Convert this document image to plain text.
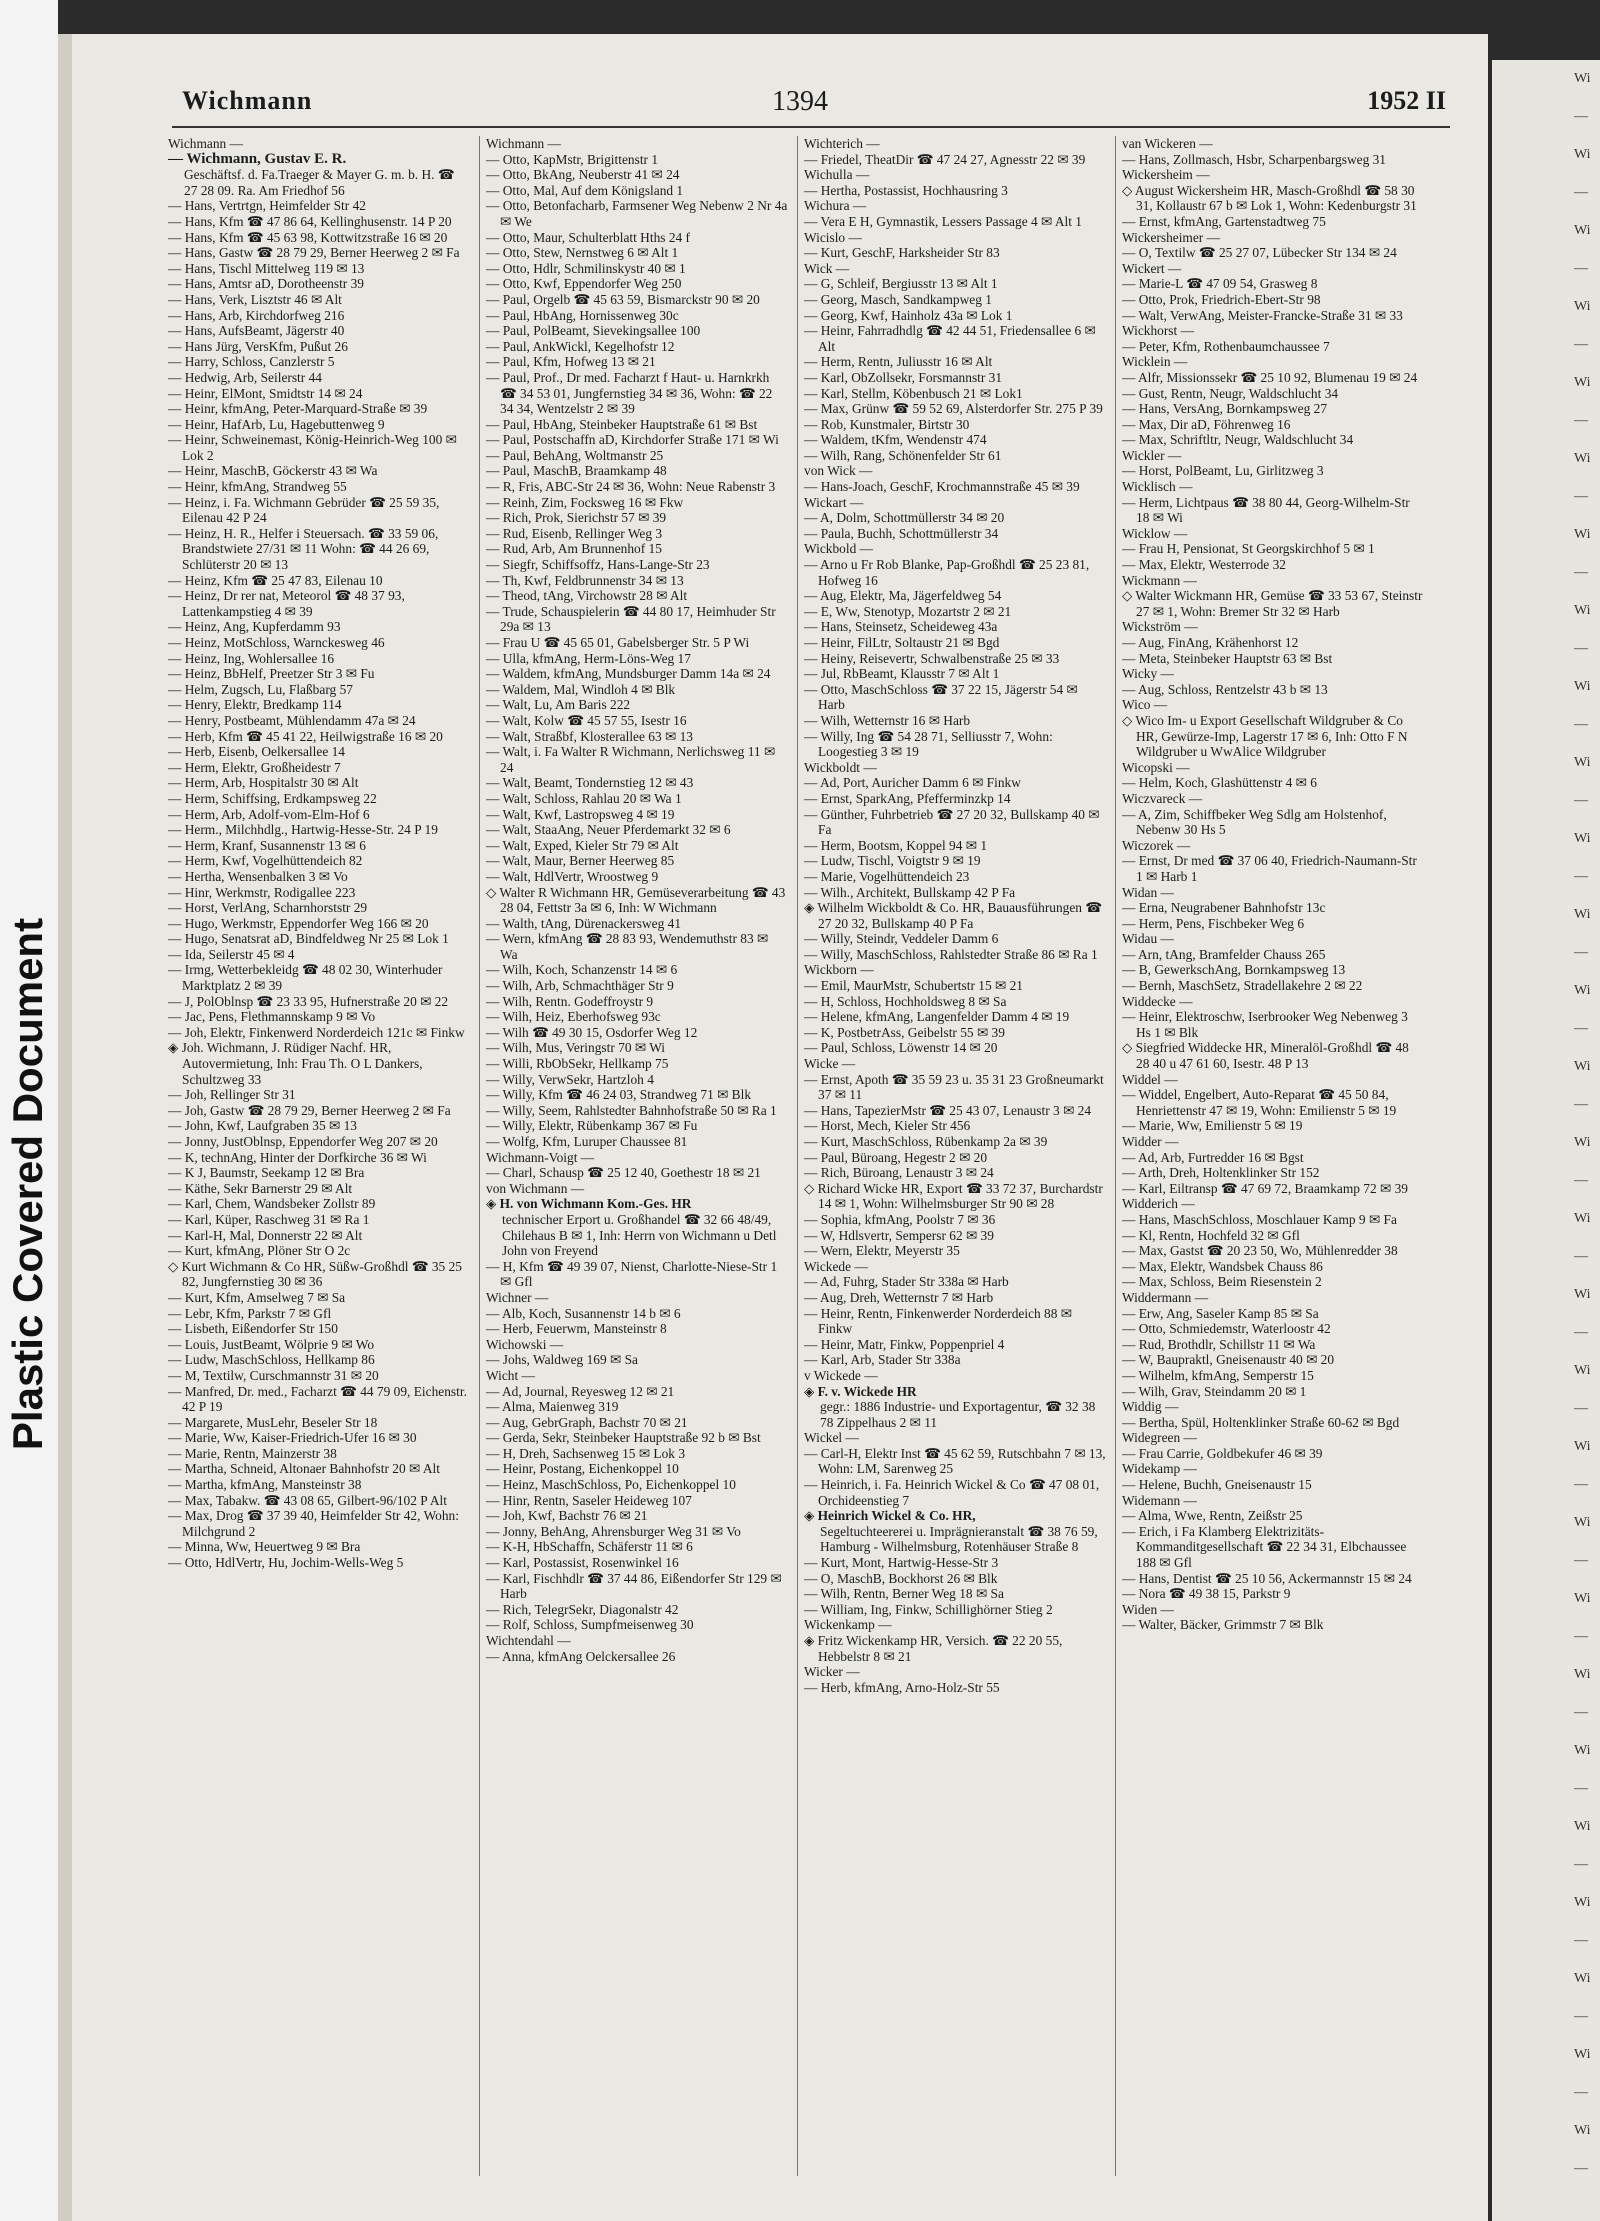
Plastic Covered Document
Wichmann	1394	1952 II

Wichmann —

— Wichmann, Gustav E. R.

Geschäftsf. d. Fa.Traeger & Mayer G. m. b. H. ☎ 27 28 09. Ra. Am Friedhof 56

— Hans, Vertrtgn, Heimfelder Str 42

— Hans, Kfm ☎ 47 86 64, Kellinghusenstr. 14 P 20

— Hans, Kfm ☎ 45 63 98, Kottwitzstraße 16 ✉ 20

— Hans, Gastw ☎ 28 79 29, Berner Heerweg 2 ✉ Fa

— Hans, Tischl Mittelweg 119 ✉ 13

— Hans, Amtsr aD, Dorotheenstr 39

— Hans, Verk, Lisztstr 46 ✉ Alt

— Hans, Arb, Kirchdorfweg 216

— Hans, AufsBeamt, Jägerstr 40

— Hans Jürg, VersKfm, Pußut 26

— Harry, Schloss, Canzlerstr 5

— Hedwig, Arb, Seilerstr 44

— Heinr, ElMont, Smidtstr 14 ✉ 24

— Heinr, kfmAng, Peter-Marquard-Straße ✉ 39

— Heinr, HafArb, Lu, Hagebuttenweg 9

— Heinr, Schweinemast, König-Heinrich-Weg 100 ✉ Lok 2

— Heinr, MaschB, Göckerstr 43 ✉ Wa

— Heinr, kfmAng, Strandweg 55

— Heinz, i. Fa. Wichmann Gebrüder ☎ 25 59 35, Eilenau 42 P 24

— Heinz, H. R., Helfer i Steuersach. ☎ 33 59 06, Brandstwiete 27/31 ✉ 11 Wohn: ☎ 44 26 69, Schlüterstr 20 ✉ 13

— Heinz, Kfm ☎ 25 47 83, Eilenau 10

— Heinz, Dr rer nat, Meteorol ☎ 48 37 93, Lattenkampstieg 4 ✉ 39

— Heinz, Ang, Kupferdamm 93

— Heinz, MotSchloss, Warnckesweg 46

— Heinz, Ing, Wohlersallee 16

— Heinz, BbHelf, Preetzer Str 3 ✉ Fu

— Helm, Zugsch, Lu, Flaßbarg 57

— Henry, Elektr, Bredkamp 114

— Henry, Postbeamt, Mühlendamm 47a ✉ 24

— Herb, Kfm ☎ 45 41 22, Heilwigstraße 16 ✉ 20

— Herb, Eisenb, Oelkersallee 14

— Herm, Elektr, Großheidestr 7

— Herm, Arb, Hospitalstr 30 ✉ Alt

— Herm, Schiffsing, Erdkampsweg 22

— Herm, Arb, Adolf-vom-Elm-Hof 6

— Herm., Milchhdlg., Hartwig-Hesse-Str. 24 P 19

— Herm, Kranf, Susannenstr 13 ✉ 6

— Herm, Kwf, Vogelhüttendeich 82

— Hertha, Wensenbalken 3 ✉ Vo

— Hinr, Werkmstr, Rodigallee 223

— Horst, VerlAng, Scharnhorststr 29

— Hugo, Werkmstr, Eppendorfer Weg 166 ✉ 20

— Hugo, Senatsrat aD, Bindfeldweg Nr 25 ✉ Lok 1

— Ida, Seilerstr 45 ✉ 4

— Irmg, Wetterbekleidg ☎ 48 02 30, Winterhuder Marktplatz 2 ✉ 39

— J, PolOblnsp ☎ 23 33 95, Hufnerstraße 20 ✉ 22

— Jac, Pens, Flethmannskamp 9 ✉ Vo

— Joh, Elektr, Finkenwerd Norderdeich 121c ✉ Finkw

◈ Joh. Wichmann, J. Rüdiger Nachf. HR, Autovermietung, Inh: Frau Th. O L Dankers, Schultzweg 33

— Joh, Rellinger Str 31

— Joh, Gastw ☎ 28 79 29, Berner Heerweg 2 ✉ Fa

— John, Kwf, Laufgraben 35 ✉ 13

— Jonny, JustOblnsp, Eppendorfer Weg 207 ✉ 20

— K, technAng, Hinter der Dorfkirche 36 ✉ Wi

— K J, Baumstr, Seekamp 12 ✉ Bra

— Käthe, Sekr Barnerstr 29 ✉ Alt

— Karl, Chem, Wandsbeker Zollstr 89

— Karl, Küper, Raschweg 31 ✉ Ra 1

— Karl-H, Mal, Donnerstr 22 ✉ Alt

— Kurt, kfmAng, Plöner Str O 2c

◇ Kurt Wichmann & Co HR, Süßw-Großhdl ☎ 35 25 82, Jungfernstieg 30 ✉ 36

— Kurt, Kfm, Amselweg 7 ✉ Sa

— Lebr, Kfm, Parkstr 7 ✉ Gfl

— Lisbeth, Eißendorfer Str 150

— Louis, JustBeamt, Wölprie 9 ✉ Wo

— Ludw, MaschSchloss, Hellkamp 86

— M, Textilw, Curschmannstr 31 ✉ 20

— Manfred, Dr. med., Facharzt ☎ 44 79 09, Eichenstr. 42 P 19

— Margarete, MusLehr, Beseler Str 18

— Marie, Ww, Kaiser-Friedrich-Ufer 16 ✉ 30

— Marie, Rentn, Mainzerstr 38

— Martha, Schneid, Altonaer Bahnhofstr 20 ✉ Alt

— Martha, kfmAng, Mansteinstr 38

— Max, Tabakw. ☎ 43 08 65, Gilbert-96/102 P Alt

— Max, Drog ☎ 37 39 40, Heimfelder Str 42, Wohn: Milchgrund 2

— Minna, Ww, Heuertweg 9 ✉ Bra

— Otto, HdlVertr, Hu, Jochim-Wells-Weg 5

Wichmann —

— Otto, KapMstr, Brigittenstr 1

— Otto, BkAng, Neuberstr 41 ✉ 24

— Otto, Mal, Auf dem Königsland 1

— Otto, Betonfacharb, Farmsener Weg Nebenw 2 Nr 4a ✉ We

— Otto, Maur, Schulterblatt Hths 24 f

— Otto, Stew, Nernstweg 6 ✉ Alt 1

— Otto, Hdlr, Schmilinskystr 40 ✉ 1

— Otto, Kwf, Eppendorfer Weg 250

— Paul, Orgelb ☎ 45 63 59, Bismarckstr 90 ✉ 20

— Paul, HbAng, Hornissenweg 30c

— Paul, PolBeamt, Sievekingsallee 100

— Paul, AnkWickl, Kegelhofstr 12

— Paul, Kfm, Hofweg 13 ✉ 21

— Paul, Prof., Dr med. Facharzt f Haut- u. Harnkrkh ☎ 34 53 01, Jungfernstieg 34 ✉ 36, Wohn: ☎ 22 34 34, Wentzelstr 2 ✉ 39

— Paul, HbAng, Steinbeker Hauptstraße 61 ✉ Bst

— Paul, Postschaffn aD, Kirchdorfer Straße 171 ✉ Wi

— Paul, BehAng, Woltmanstr 25

— Paul, MaschB, Braamkamp 48

— R, Fris, ABC-Str 24 ✉ 36, Wohn: Neue Rabenstr 3

— Reinh, Zim, Focksweg 16 ✉ Fkw

— Rich, Prok, Sierichstr 57 ✉ 39

— Rud, Eisenb, Rellinger Weg 3

— Rud, Arb, Am Brunnenhof 15

— Siegfr, Schiffsoffz, Hans-Lange-Str 23

— Th, Kwf, Feldbrunnenstr 34 ✉ 13

— Theod, tAng, Virchowstr 28 ✉ Alt

— Trude, Schauspielerin ☎ 44 80 17, Heimhuder Str 29a ✉ 13

— Frau U ☎ 45 65 01, Gabelsberger Str. 5 P Wi

— Ulla, kfmAng, Herm-Löns-Weg 17

— Waldem, kfmAng, Mundsburger Damm 14a ✉ 24

— Waldem, Mal, Windloh 4 ✉ Blk

— Walt, Lu, Am Baris 222

— Walt, Kolw ☎ 45 57 55, Isestr 16

— Walt, Straßbf, Klosterallee 63 ✉ 13

— Walt, i. Fa Walter R Wichmann, Nerlichsweg 11 ✉ 24

— Walt, Beamt, Tondernstieg 12 ✉ 43

— Walt, Schloss, Rahlau 20 ✉ Wa 1

— Walt, Kwf, Lastropsweg 4 ✉ 19

— Walt, StaaAng, Neuer Pferdemarkt 32 ✉ 6

— Walt, Exped, Kieler Str 79 ✉ Alt

— Walt, Maur, Berner Heerweg 85

— Walt, HdlVertr, Wroostweg 9

◇ Walter R Wichmann HR, Gemüseverarbeitung ☎ 43 28 04, Fettstr 3a ✉ 6, Inh: W Wichmann

— Walth, tAng, Dürenackersweg 41

— Wern, kfmAng ☎ 28 83 93, Wendemuthstr 83 ✉ Wa

— Wilh, Koch, Schanzenstr 14 ✉ 6

— Wilh, Arb, Schmachthäger Str 9

— Wilh, Rentn. Godeffroystr 9

— Wilh, Heiz, Eberhofsweg 93c

— Wilh ☎ 49 30 15, Osdorfer Weg 12

— Wilh, Mus, Veringstr 70 ✉ Wi

— Willi, RbObSekr, Hellkamp 75

— Willy, VerwSekr, Hartzloh 4

— Willy, Kfm ☎ 46 24 03, Strandweg 71 ✉ Blk

— Willy, Seem, Rahlstedter Bahnhofstraße 50 ✉ Ra 1

— Willy, Elektr, Rübenkamp 367 ✉ Fu

— Wolfg, Kfm, Luruper Chaussee 81

Wichmann-Voigt —

— Charl, Schausp ☎ 25 12 40, Goethestr 18 ✉ 21

von Wichmann —

◈ H. von Wichmann Kom.-Ges. HR

technischer Erport u. Großhandel ☎ 32 66 48/49, Chilehaus B ✉ 1, Inh: Herrn von Wichmann u Detl John von Freyend

— H, Kfm ☎ 49 39 07, Nienst, Charlotte-Niese-Str 1 ✉ Gfl

Wichner —

— Alb, Koch, Susannenstr 14 b ✉ 6

— Herb, Feuerwm, Mansteinstr 8

Wichowski —

— Johs, Waldweg 169 ✉ Sa

Wicht —

— Ad, Journal, Reyesweg 12 ✉ 21

— Alma, Maienweg 319

— Aug, GebrGraph, Bachstr 70 ✉ 21

— Gerda, Sekr, Steinbeker Hauptstraße 92 b ✉ Bst

— H, Dreh, Sachsenweg 15 ✉ Lok 3

— Heinr, Postang, Eichenkoppel 10

— Heinz, MaschSchloss, Po, Eichenkoppel 10

— Hinr, Rentn, Saseler Heideweg 107

— Joh, Kwf, Bachstr 76 ✉ 21

— Jonny, BehAng, Ahrensburger Weg 31 ✉ Vo

— K-H, HbSchaffn, Schäferstr 11 ✉ 6

— Karl, Postassist, Rosenwinkel 16

— Karl, Fischhdlr ☎ 37 44 86, Eißendorfer Str 129 ✉ Harb

— Rich, TelegrSekr, Diagonalstr 42

— Rolf, Schloss, Sumpfmeisenweg 30

Wichtendahl —

— Anna, kfmAng Oelckersallee 26

Wichterich —

— Friedel, TheatDir ☎ 47 24 27, Agnesstr 22 ✉ 39

Wichulla —

— Hertha, Postassist, Hochhausring 3

Wichura —

— Vera E H, Gymnastik, Lessers Passage 4 ✉ Alt 1

Wicislo —

— Kurt, GeschF, Harksheider Str 83

Wick —

— G, Schleif, Bergiusstr 13 ✉ Alt 1

— Georg, Masch, Sandkampweg 1

— Georg, Kwf, Hainholz 43a ✉ Lok 1

— Heinr, Fahrradhdlg ☎ 42 44 51, Friedensallee 6 ✉ Alt

— Herm, Rentn, Juliusstr 16 ✉ Alt

— Karl, ObZollsekr, Forsmannstr 31

— Karl, Stellm, Köbenbusch 21 ✉ Lok1

— Max, Grünw ☎ 59 52 69, Alsterdorfer Str. 275 P 39

— Rob, Kunstmaler, Birtstr 30

— Waldem, tKfm, Wendenstr 474

— Wilh, Rang, Schönenfelder Str 61

von Wick —

— Hans-Joach, GeschF, Krochmannstraße 45 ✉ 39

Wickart —

— A, Dolm, Schottmüllerstr 34 ✉ 20

— Paula, Buchh, Schottmüllerstr 34

Wickbold —

— Arno u Fr Rob Blanke, Pap-Großhdl ☎ 25 23 81, Hofweg 16

— Aug, Elektr, Ma, Jägerfeldweg 54

— E, Ww, Stenotyp, Mozartstr 2 ✉ 21

— Hans, Steinsetz, Scheideweg 43a

— Heinr, FilLtr, Soltaustr 21 ✉ Bgd

— Heiny, Reisevertr, Schwalbenstraße 25 ✉ 33

— Jul, RbBeamt, Klausstr 7 ✉ Alt 1

— Otto, MaschSchloss ☎ 37 22 15, Jägerstr 54 ✉ Harb

— Wilh, Wetternstr 16 ✉ Harb

— Willy, Ing ☎ 54 28 71, Selliusstr 7, Wohn: Loogestieg 3 ✉ 19

Wickboldt —

— Ad, Port, Auricher Damm 6 ✉ Finkw

— Ernst, SparkAng, Pfefferminzkp 14

— Günther, Fuhrbetrieb ☎ 27 20 32, Bullskamp 40 ✉ Fa

— Herm, Bootsm, Koppel 94 ✉ 1

— Ludw, Tischl, Voigtstr 9 ✉ 19

— Marie, Vogelhüttendeich 23

— Wilh., Architekt, Bullskamp 42 P Fa

◈ Wilhelm Wickboldt & Co. HR, Bauausführungen ☎ 27 20 32, Bullskamp 40 P Fa

— Willy, Steindr, Veddeler Damm 6

— Willy, MaschSchloss, Rahlstedter Straße 86 ✉ Ra 1

Wickborn —

— Emil, MaurMstr, Schubertstr 15 ✉ 21

— H, Schloss, Hochholdsweg 8 ✉ Sa

— Helene, kfmAng, Langenfelder Damm 4 ✉ 19

— K, PostbetrAss, Geibelstr 55 ✉ 39

— Paul, Schloss, Löwenstr 14 ✉ 20

Wicke —

— Ernst, Apoth ☎ 35 59 23 u. 35 31 23 Großneumarkt 37 ✉ 11

— Hans, TapezierMstr ☎ 25 43 07, Lenaustr 3 ✉ 24

— Horst, Mech, Kieler Str 456

— Kurt, MaschSchloss, Rübenkamp 2a ✉ 39

— Paul, Büroang, Hegestr 2 ✉ 20

— Rich, Büroang, Lenaustr 3 ✉ 24

◇ Richard Wicke HR, Export ☎ 33 72 37, Burchardstr 14 ✉ 1, Wohn: Wilhelmsburger Str 90 ✉ 28

— Sophia, kfmAng, Poolstr 7 ✉ 36

— W, Hdlsvertr, Sempersr 62 ✉ 39

— Wern, Elektr, Meyerstr 35

Wickede —

— Ad, Fuhrg, Stader Str 338a ✉ Harb

— Aug, Dreh, Wetternstr 7 ✉ Harb

— Heinr, Rentn, Finkenwerder Norderdeich 88 ✉ Finkw

— Heinr, Matr, Finkw, Poppenpriel 4

— Karl, Arb, Stader Str 338a

v Wickede —

◈ F. v. Wickede HR

gegr.: 1886 Industrie- und Exportagentur, ☎ 32 38 78 Zippelhaus 2 ✉ 11

Wickel —

— Carl-H, Elektr Inst ☎ 45 62 59, Rutschbahn 7 ✉ 13, Wohn: LM, Sarenweg 25

— Heinrich, i. Fa. Heinrich Wickel & Co ☎ 47 08 01, Orchideenstieg 7

◈ Heinrich Wickel & Co. HR,

Segeltuchteererei u. Imprägnieranstalt ☎ 38 76 59, Hamburg - Wilhelmsburg, Rotenhäuser Straße 8

— Kurt, Mont, Hartwig-Hesse-Str 3

— O, MaschB, Bockhorst 26 ✉ Blk

— Wilh, Rentn, Berner Weg 18 ✉ Sa

— William, Ing, Finkw, Schillighörner Stieg 2

Wickenkamp —

◈ Fritz Wickenkamp HR, Versich. ☎ 22 20 55, Hebbelstr 8 ✉ 21

Wicker —

— Herb, kfmAng, Arno-Holz-Str 55

van Wickeren —

— Hans, Zollmasch, Hsbr, Scharpenbargsweg 31

Wickersheim —

◇ August Wickersheim HR, Masch-Großhdl ☎ 58 30 31, Kollaustr 67 b ✉ Lok 1, Wohn: Kedenburgstr 31

— Ernst, kfmAng, Gartenstadtweg 75

Wickersheimer —

— O, Textilw ☎ 25 27 07, Lübecker Str 134 ✉ 24

Wickert —

— Marie-L ☎ 47 09 54, Grasweg 8

— Otto, Prok, Friedrich-Ebert-Str 98

— Walt, VerwAng, Meister-Francke-Straße 31 ✉ 33

Wickhorst —

— Peter, Kfm, Rothenbaumchaussee 7

Wicklein —

— Alfr, Missionssekr ☎ 25 10 92, Blumenau 19 ✉ 24

— Gust, Rentn, Neugr, Waldschlucht 34

— Hans, VersAng, Bornkampsweg 27

— Max, Dir aD, Föhrenweg 16

— Max, Schriftltr, Neugr, Waldschlucht 34

Wickler —

— Horst, PolBeamt, Lu, Girlitzweg 3

Wicklisch —

— Herm, Lichtpaus ☎ 38 80 44, Georg-Wilhelm-Str 18 ✉ Wi

Wicklow —

— Frau H, Pensionat, St Georgskirchhof 5 ✉ 1

— Max, Elektr, Westerrode 32

Wickmann —

◇ Walter Wickmann HR, Gemüse ☎ 33 53 67, Steinstr 27 ✉ 1, Wohn: Bremer Str 32 ✉ Harb

Wickström —

— Aug, FinAng, Krähenhorst 12

— Meta, Steinbeker Hauptstr 63 ✉ Bst

Wicky —

— Aug, Schloss, Rentzelstr 43 b ✉ 13

Wico —

◇ Wico Im- u Export Gesellschaft Wildgruber & Co HR, Gewürze-Imp, Lagerstr 17 ✉ 6, Inh: Otto F N Wildgruber u WwAlice Wildgruber

Wicopski —

— Helm, Koch, Glashüttenstr 4 ✉ 6

Wiczvareck —

— A, Zim, Schiffbeker Weg Sdlg am Holstenhof, Nebenw 30 Hs 5

Wiczorek —

— Ernst, Dr med ☎ 37 06 40, Friedrich-Naumann-Str 1 ✉ Harb 1

Widan —

— Erna, Neugrabener Bahnhofstr 13c

— Herm, Pens, Fischbeker Weg 6

Widau —

— Arn, tAng, Bramfelder Chauss 265

— B, GewerkschAng, Bornkampsweg 13

— Bernh, MaschSetz, Stradellakehre 2 ✉ 22

Widdecke —

— Heinr, Elektroschw, Iserbrooker Weg Nebenweg 3 Hs 1 ✉ Blk

◇ Siegfried Widdecke HR, Mineralöl-Großhdl ☎ 48 28 40 u 47 61 60, Isestr. 48 P 13

Widdel —

— Widdel, Engelbert, Auto-Reparat ☎ 45 50 84, Henriettenstr 47 ✉ 19, Wohn: Emilienstr 5 ✉ 19

— Marie, Ww, Emilienstr 5 ✉ 19

Widder —

— Ad, Arb, Furtredder 16 ✉ Bgst

— Arth, Dreh, Holtenklinker Str 152

— Karl, Eiltransp ☎ 47 69 72, Braamkamp 72 ✉ 39

Widderich —

— Hans, MaschSchloss, Moschlauer Kamp 9 ✉ Fa

— Kl, Rentn, Hochfeld 32 ✉ Gfl

— Max, Gastst ☎ 20 23 50, Wo, Mühlenredder 38

— Max, Elektr, Wandsbek Chauss 86

— Max, Schloss, Beim Riesenstein 2

Widdermann —

— Erw, Ang, Saseler Kamp 85 ✉ Sa

— Otto, Schmiedemstr, Waterloostr 42

— Rud, Brothdlr, Schillstr 11 ✉ Wa

— W, Baupraktl, Gneisenaustr 40 ✉ 20

— Wilhelm, kfmAng, Semperstr 15

— Wilh, Grav, Steindamm 20 ✉ 1

Widdig —

— Bertha, Spül, Holtenklinker Straße 60-62 ✉ Bgd

Widegreen —

— Frau Carrie, Goldbekufer 46 ✉ 39

Widekamp —

— Helene, Buchh, Gneisenaustr 15

Widemann —

— Alma, Wwe, Rentn, Zeißstr 25

— Erich, i Fa Klamberg Elektrizitäts-Kommanditgesellschaft ☎ 22 34 31, Elbchaussee 188 ✉ Gfl

— Hans, Dentist ☎ 25 10 56, Ackermannstr 15 ✉ 24

— Nora ☎ 49 38 15, Parkstr 9

Widen —

— Walter, Bäcker, Grimmstr 7 ✉ Blk

Wi
—
Wi
—
Wi
—
Wi
—
Wi
—
Wi
—
Wi
—
Wi
—
Wi
—
Wi
—
Wi
—
Wi
—
Wi
—
Wi
—
Wi
—
Wi
—
Wi
—
Wi
—
Wi
—
Wi
—
Wi
—
Wi
—
Wi
—
Wi
—
Wi
—
Wi
—
Wi
—
Wi
—
